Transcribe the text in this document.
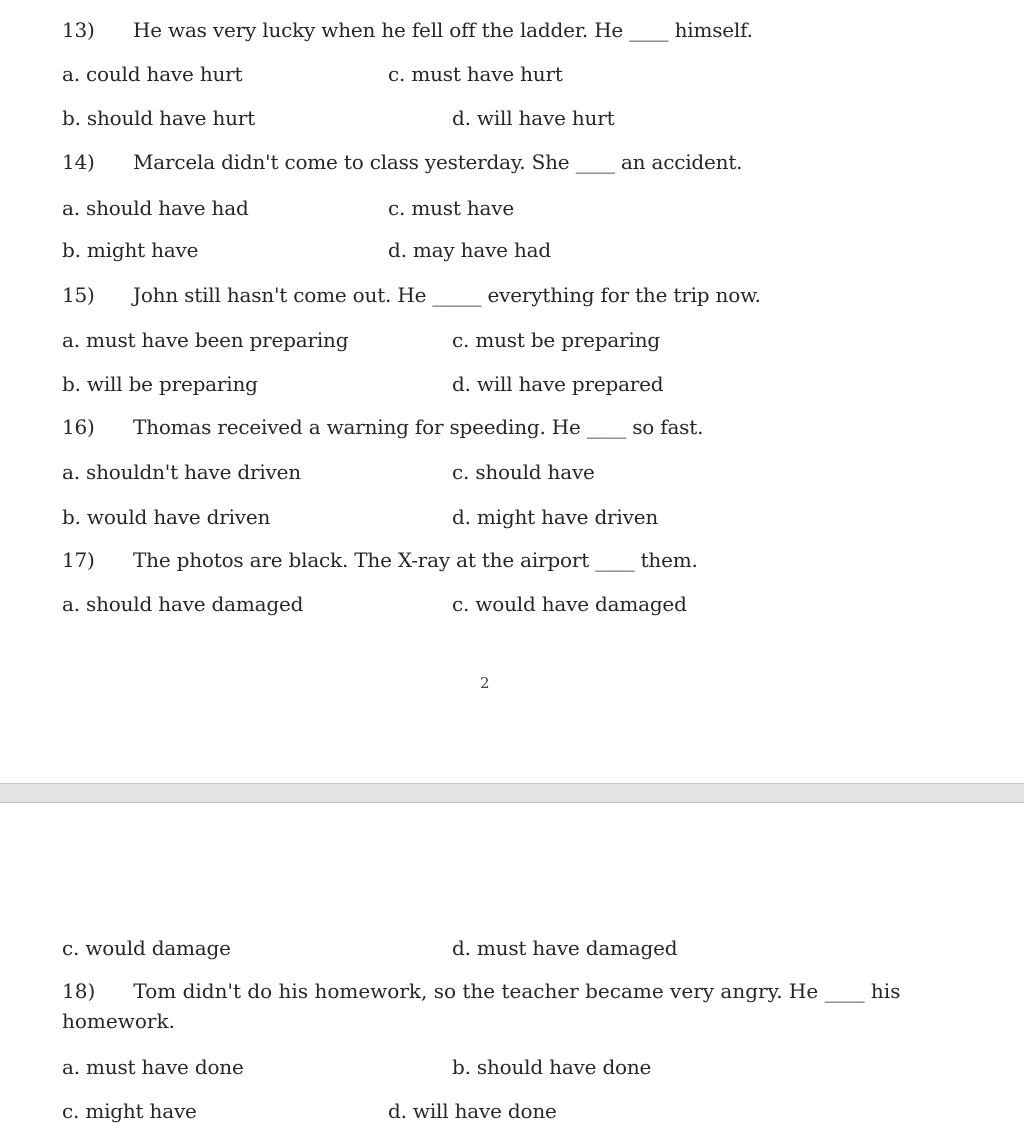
13) He was very lucky when he fell off the ladder. He ____ himself.
a. could have hurt	c. must have hurt
b. should have hurt	d. will have hurt
14) Marcela didn't come to class yesterday. She ____ an accident.
a. should have had	c. must have
b. might have	d. may have had
15) John still hasn't come out. He _____ everything for the trip now.
a. must have been preparing	c. must be preparing
b. will be preparing	d. will have prepared
16) Thomas received a warning for speeding. He ____ so fast.
a. shouldn't have driven	c. should have
b. would have driven	d. might have driven
17) The photos are black. The X-ray at the airport ____ them.
a. should have damaged	c. would have damaged
2
c. would damage	d. must have damaged
18) Tom didn't do his homework, so the teacher became very angry. He ____ his homework.
a. must have done	b. should have done
c. might have	d. will have done
